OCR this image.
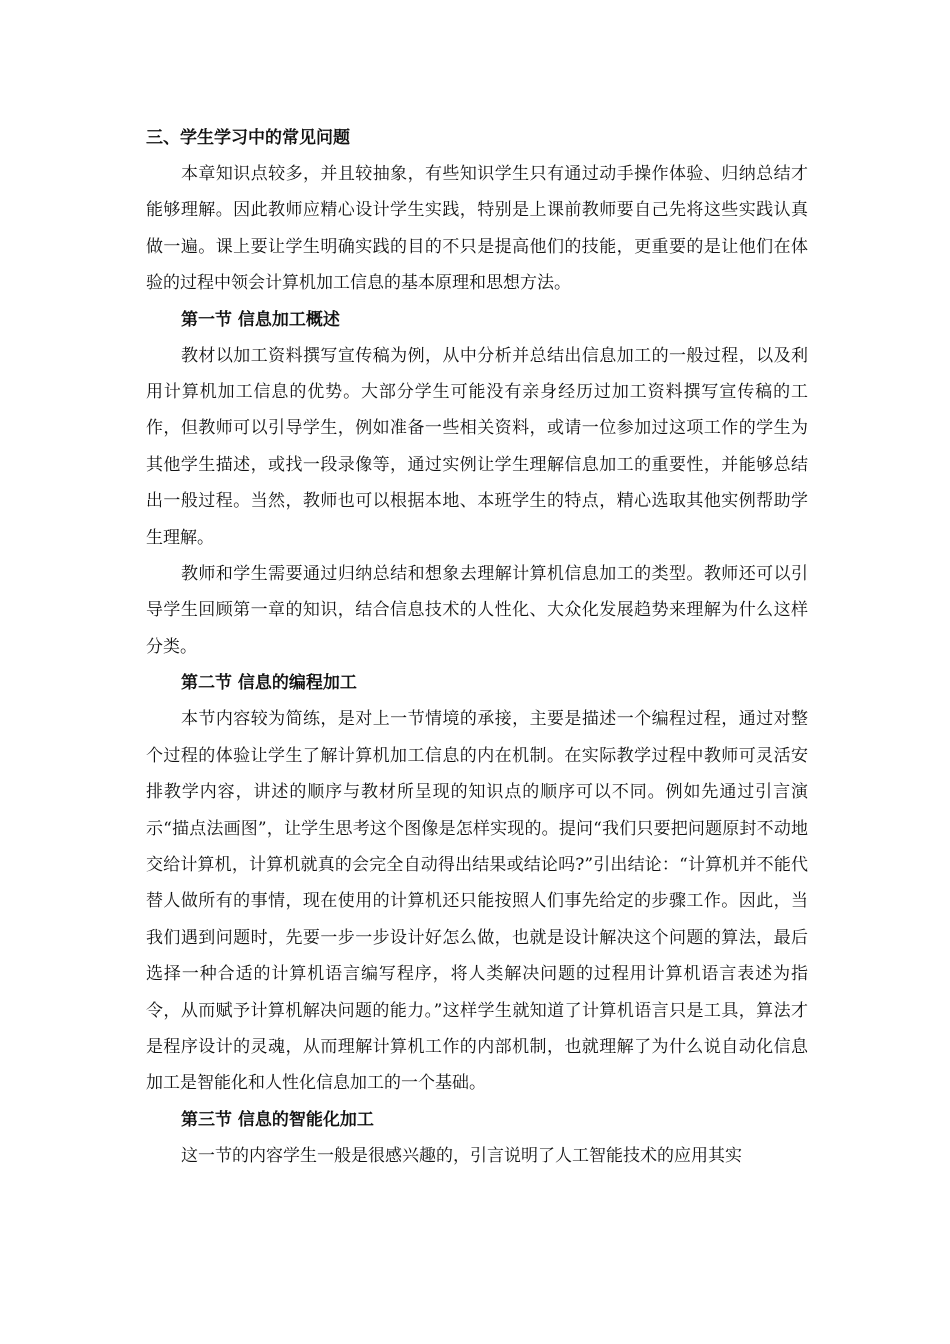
三、学生学习中的常见问题

本章知识点较多，并且较抽象，有些知识学生只有通过动手操作体验、归纳总结才能够理解。因此教师应精心设计学生实践，特别是上课前教师要自己先将这些实践认真做一遍。课上要让学生明确实践的目的不只是提高他们的技能，更重要的是让他们在体验的过程中领会计算机加工信息的基本原理和思想方法。

第一节 信息加工概述

教材以加工资料撰写宣传稿为例，从中分析并总结出信息加工的一般过程，以及利用计算机加工信息的优势。大部分学生可能没有亲身经历过加工资料撰写宣传稿的工作，但教师可以引导学生，例如准备一些相关资料，或请一位参加过这项工作的学生为其他学生描述，或找一段录像等，通过实例让学生理解信息加工的重要性，并能够总结出一般过程。当然，教师也可以根据本地、本班学生的特点，精心选取其他实例帮助学生理解。

教师和学生需要通过归纳总结和想象去理解计算机信息加工的类型。教师还可以引导学生回顾第一章的知识，结合信息技术的人性化、大众化发展趋势来理解为什么这样分类。

第二节 信息的编程加工

本节内容较为简练，是对上一节情境的承接，主要是描述一个编程过程，通过对整个过程的体验让学生了解计算机加工信息的内在机制。在实际教学过程中教师可灵活安排教学内容，讲述的顺序与教材所呈现的知识点的顺序可以不同。例如先通过引言演示“描点法画图”，让学生思考这个图像是怎样实现的。提问“我们只要把问题原封不动地交给计算机，计算机就真的会完全自动得出结果或结论吗?”引出结论：“计算机并不能代替人做所有的事情，现在使用的计算机还只能按照人们事先给定的步骤工作。因此，当我们遇到问题时，先要一步一步设计好怎么做，也就是设计解决这个问题的算法，最后选择一种合适的计算机语言编写程序，将人类解决问题的过程用计算机语言表述为指令，从而赋予计算机解决问题的能力。”这样学生就知道了计算机语言只是工具，算法才是程序设计的灵魂，从而理解计算机工作的内部机制，也就理解了为什么说自动化信息加工是智能化和人性化信息加工的一个基础。

第三节 信息的智能化加工

这一节的内容学生一般是很感兴趣的，引言说明了人工智能技术的应用其实
